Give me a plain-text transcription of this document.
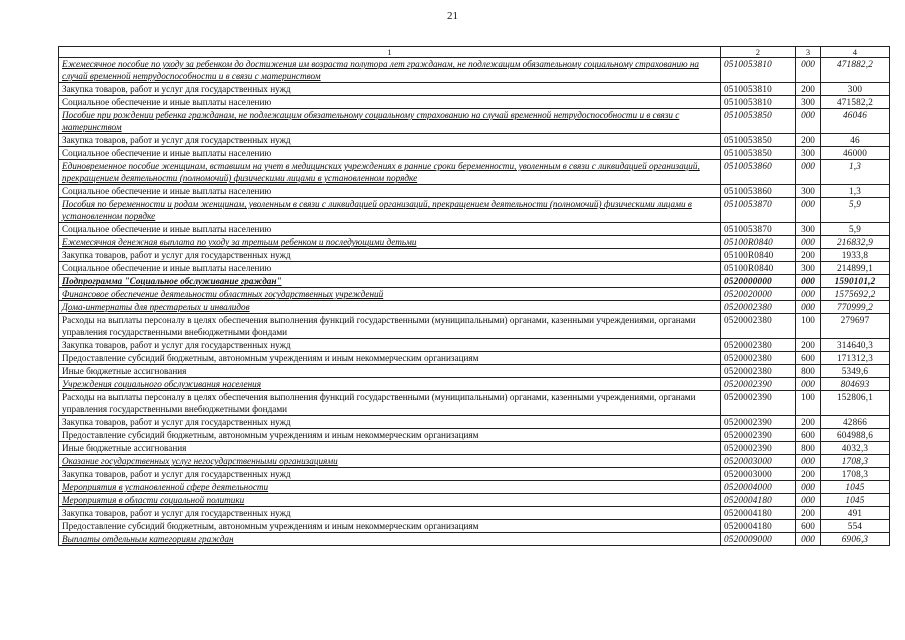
21
1	2	3	4
Ежемесячное пособие по уходу за ребенком до достижения им возраста полутора лет гражданам, не подлежащим обязательному социальному страхованию на случай временной нетрудоспособности и в связи с материнством	0510053810	000	471882,2
Закупка товаров, работ и услуг для государственных нужд	0510053810	200	300
Социальное обеспечение и иные выплаты населению	0510053810	300	471582,2
Пособие при рождении ребенка гражданам, не подлежащим обязательному социальному страхованию на случай временной нетрудоспособности и в связи с материнством	0510053850	000	46046
Закупка товаров, работ и услуг для государственных нужд	0510053850	200	46
Социальное обеспечение и иные выплаты населению	0510053850	300	46000
Единовременное пособие женщинам, вставшим на учет в медицинских учреждениях в ранние сроки беременности, уволенным в связи с ликвидацией организаций, прекращением деятельности (полномочий) физическими лицами в установленном порядке	0510053860	000	1,3
Социальное обеспечение и иные выплаты населению	0510053860	300	1,3
Пособия по беременности и родам женщинам, уволенным в связи с ликвидацией организаций, прекращением деятельности (полномочий) физическими лицами в установленном порядке	0510053870	000	5,9
Социальное обеспечение и иные выплаты населению	0510053870	300	5,9
Ежемесячная денежная выплата по уходу за третьим ребенком и последующими детьми	05100R0840	000	216832,9
Закупка товаров, работ и услуг для государственных нужд	05100R0840	200	1933,8
Социальное обеспечение и иные выплаты населению	05100R0840	300	214899,1
Подпрограмма "Социальное обслуживание граждан"	0520000000	000	1590101,2
Финансовое обеспечение деятельности областных государственных учреждений	0520020000	000	1575692,2
Дома-интернаты для престарелых и инвалидов	0520002380	000	770999,2
Расходы на выплаты персоналу в целях обеспечения выполнения функций государственными (муниципальными) органами, казенными учреждениями, органами управления государственными внебюджетными фондами	0520002380	100	279697
Закупка товаров, работ и услуг для государственных нужд	0520002380	200	314640,3
Предоставление субсидий бюджетным, автономным учреждениям и иным некоммерческим организациям	0520002380	600	171312,3
Иные бюджетные ассигнования	0520002380	800	5349,6
Учреждения социального обслуживания населения	0520002390	000	804693
Расходы на выплаты персоналу в целях обеспечения выполнения функций государственными (муниципальными) органами, казенными учреждениями, органами управления государственными внебюджетными фондами	0520002390	100	152806,1
Закупка товаров, работ и услуг для государственных нужд	0520002390	200	42866
Предоставление субсидий бюджетным, автономным учреждениям и иным некоммерческим организациям	0520002390	600	604988,6
Иные бюджетные ассигнования	0520002390	800	4032,3
Оказание государственных услуг негосударственными организациями	0520003000	000	1708,3
Закупка товаров, работ и услуг для государственных нужд	0520003000	200	1708,3
Мероприятия в установленной сфере деятельности	0520004000	000	1045
Мероприятия в области социальной политики	0520004180	000	1045
Закупка товаров, работ и услуг для государственных нужд	0520004180	200	491
Предоставление субсидий бюджетным, автономным учреждениям и иным некоммерческим организациям	0520004180	600	554
Выплаты отдельным категориям граждан	0520009000	000	6906,3
